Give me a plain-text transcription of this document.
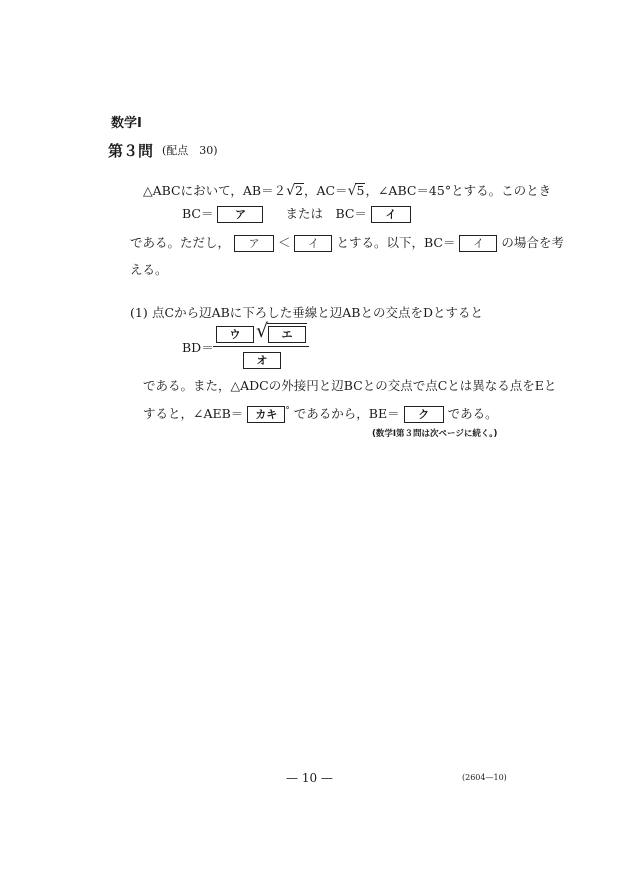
数学Ⅰ
第３問 (配点　30)
△ABCにおいて，AB＝２√2，AC＝√5，∠ABC＝45°とする。このとき
BC＝ ア	または　BC＝ イ
である。ただし， ア ＜ イ とする。以下，BC＝ イ の場合を考
える。
(1) 点Cから辺ABに下ろした垂線と辺ABとの交点をDとすると
BD＝
ウ √	エ
オ
である。また，△ADCの外接円と辺BCとの交点で点Cとは異なる点をEと
すると，∠AEB＝ カキ ° であるから，BE＝ ク である。
(数学Ⅰ第３問は次ページに続く。)
— 10 —	(2604—10)
